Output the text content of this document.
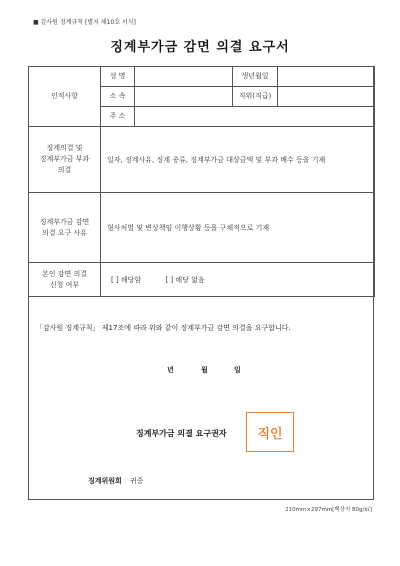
■ 감사원 징계규칙 [별지 제10호 서식]
징계부가금 감면 의결 요구서
인적사항	성 명		생년월일	
	소 속		직위(직급)	
	주 소			

징계의결 및
징계부가금 부과
의결	일자, 징계사유, 징계 종류, 징계부가금 대상금액 및 부과 배수 등을 기재			

징계부가금 감면
의결 요구 사유	형사처벌 및 변상책임 이행상황 등을 구체적으로 기재			

본인 감면 의결
신청 여부	[ ] 해당함 [ ] 해당 없음			
「감사원 징계규칙」 제17조에 따라 위와 같이 징계부가금 감면 의결을 요구합니다.
년	월	일
징계부가금 의결 요구권자 직인
징계위원회 귀중
210mm×297mm[백상지 80g/㎡]
